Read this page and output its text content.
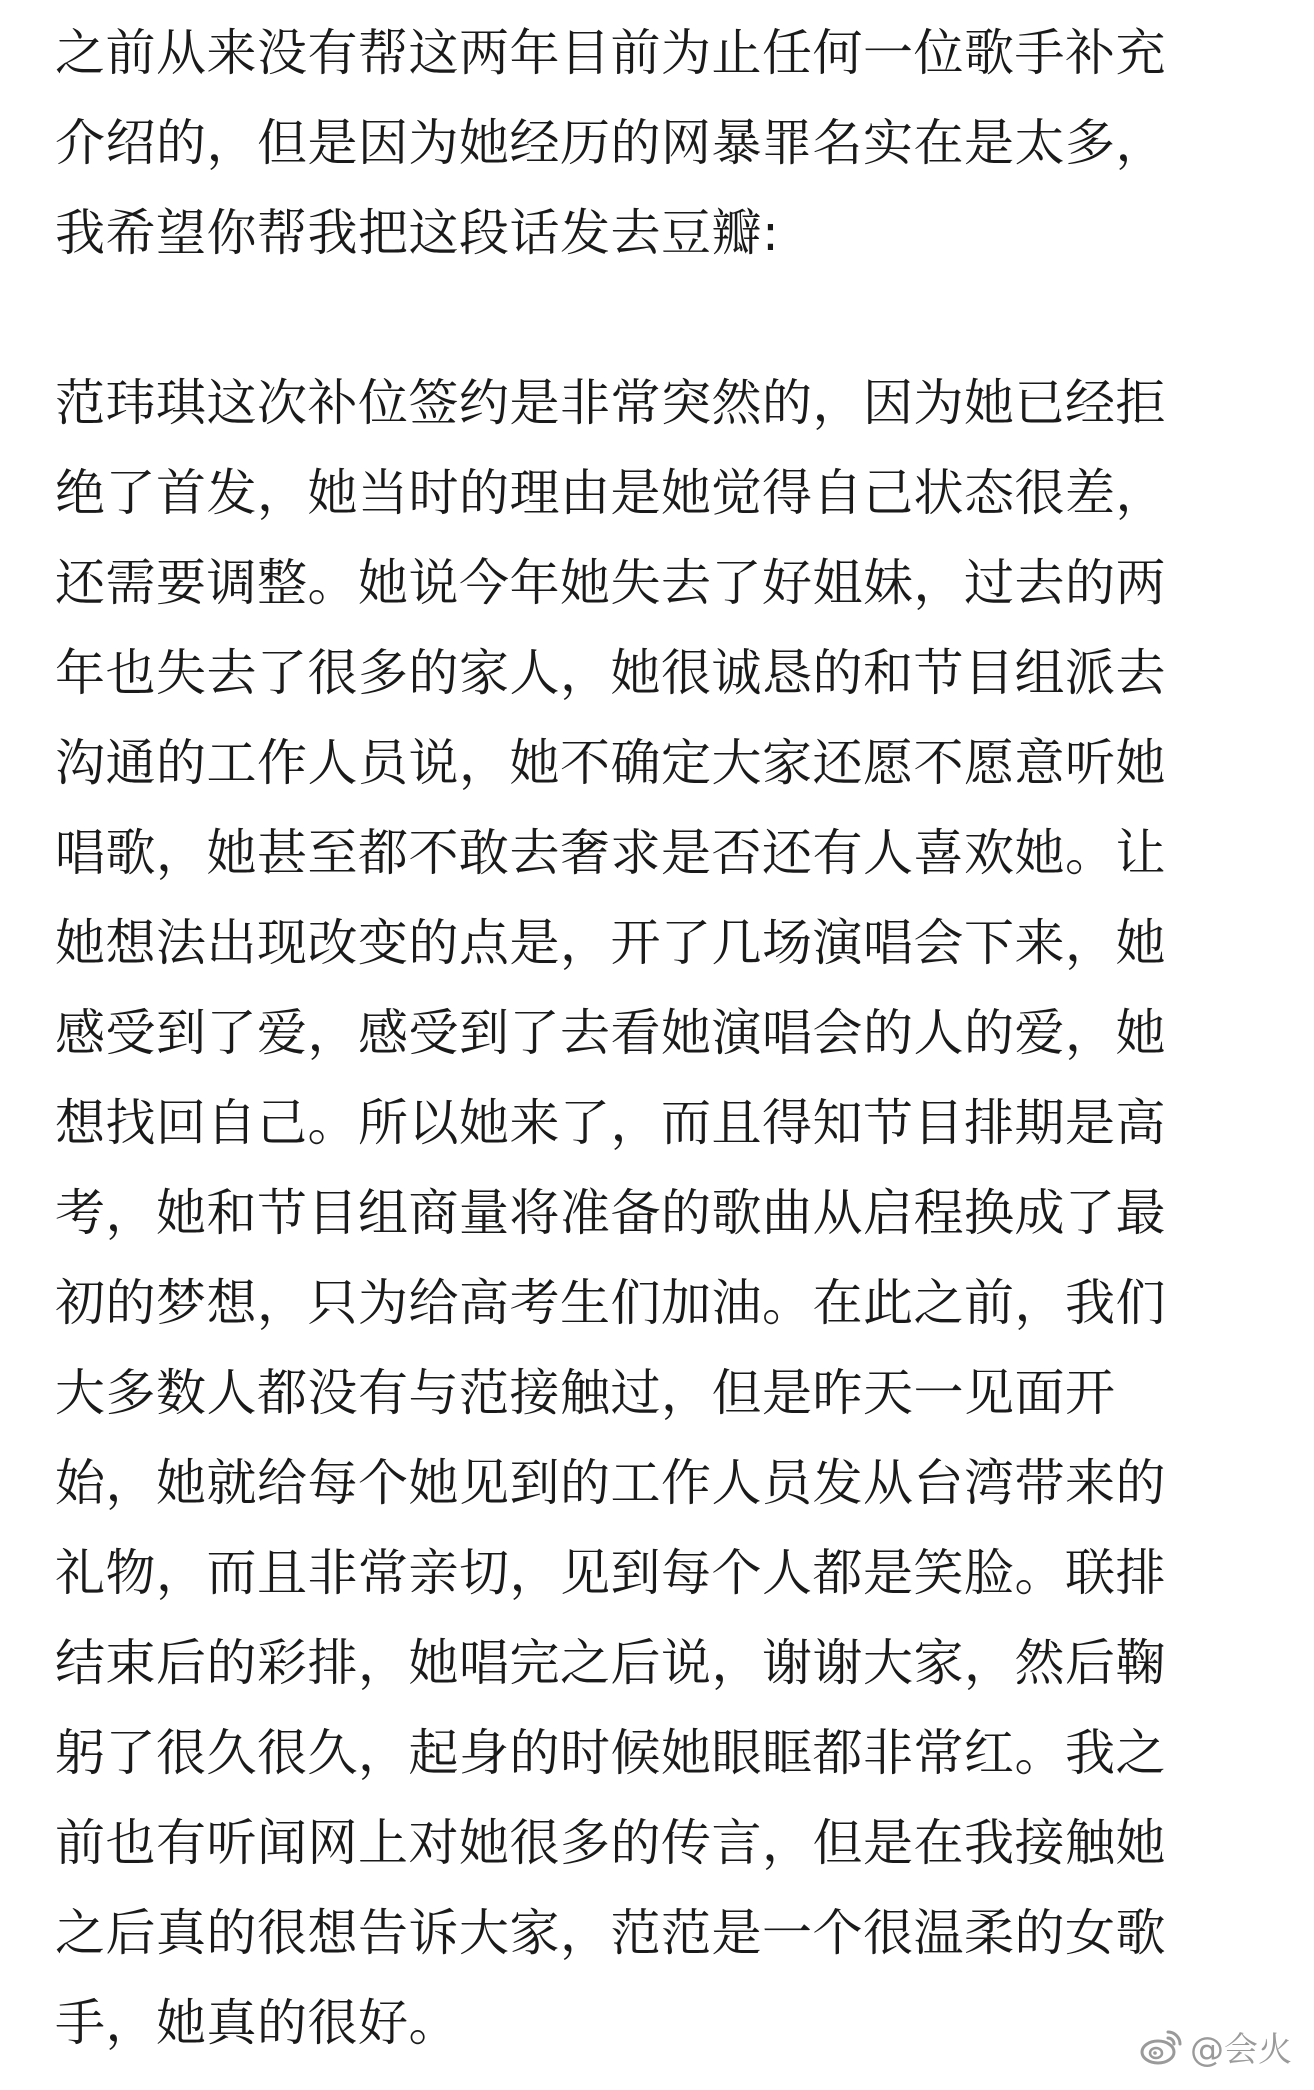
之前从来没有帮这两年目前为止任何一位歌手补充
介绍的，但是因为她经历的网暴罪名实在是太多，
我希望你帮我把这段话发去豆瓣:
范玮琪这次补位签约是非常突然的，因为她已经拒
绝了首发，她当时的理由是她觉得自己状态很差，
还需要调整。她说今年她失去了好姐妹，过去的两
年也失去了很多的家人，她很诚恳的和节目组派去
沟通的工作人员说，她不确定大家还愿不愿意听她
唱歌，她甚至都不敢去奢求是否还有人喜欢她。让
她想法出现改变的点是，开了几场演唱会下来，她
感受到了爱，感受到了去看她演唱会的人的爱，她
想找回自己。所以她来了，而且得知节目排期是高
考，她和节目组商量将准备的歌曲从启程换成了最
初的梦想，只为给高考生们加油。在此之前，我们
大多数人都没有与范接触过，但是昨天一见面开
始，她就给每个她见到的工作人员发从台湾带来的
礼物，而且非常亲切，见到每个人都是笑脸。联排
结束后的彩排，她唱完之后说，谢谢大家，然后鞠
躬了很久很久，起身的时候她眼眶都非常红。我之
前也有听闻网上对她很多的传言，但是在我接触她
之后真的很想告诉大家，范范是一个很温柔的女歌
手，她真的很好。	@会火
